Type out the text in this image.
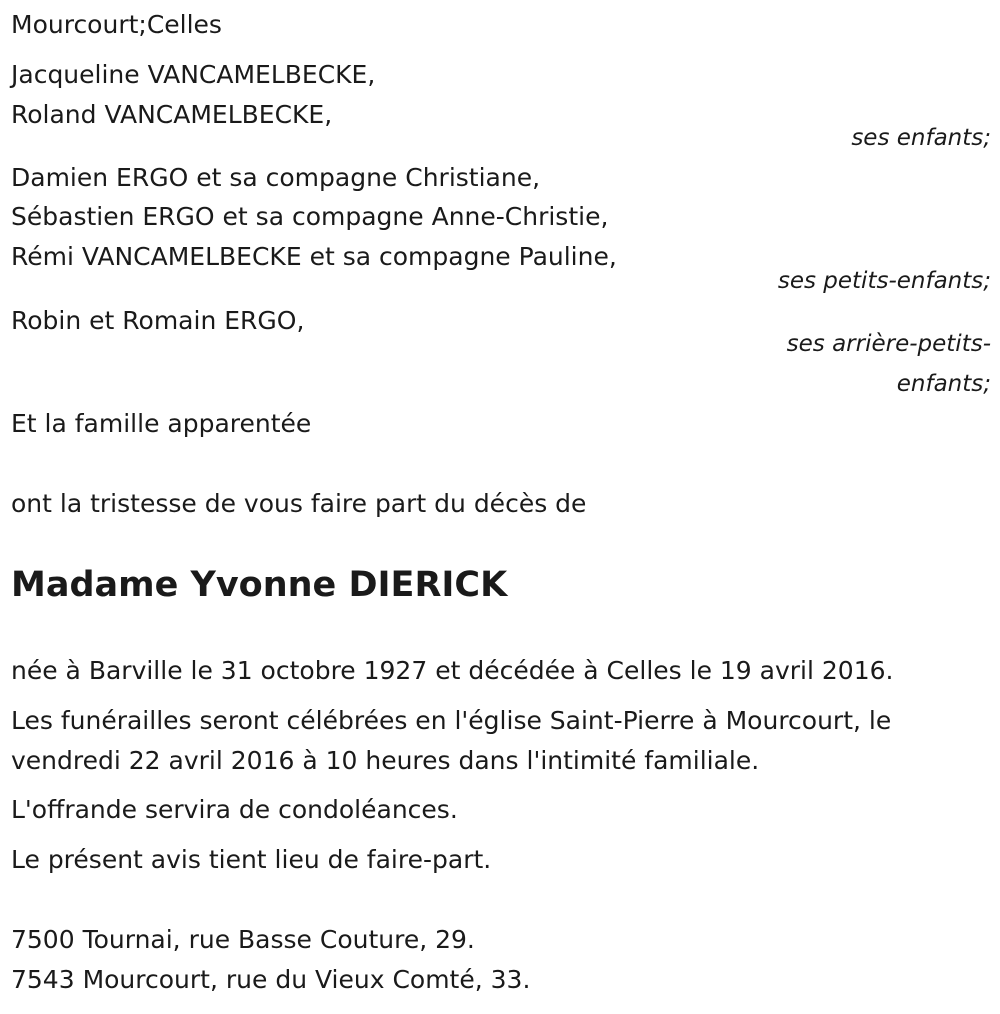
Mourcourt;Celles
Jacqueline VANCAMELBECKE,
Roland VANCAMELBECKE,
ses enfants;
Damien ERGO et sa compagne Christiane,
Sébastien ERGO et sa compagne Anne-Christie,
Rémi VANCAMELBECKE et sa compagne Pauline,
ses petits-enfants;
Robin et Romain ERGO,
ses arrière-petits-
enfants;
Et la famille apparentée
ont la tristesse de vous faire part du décès de
Madame Yvonne DIERICK
née à Barville le 31 octobre 1927 et décédée à Celles le 19 avril 2016.
Les funérailles seront célébrées en l'église Saint-Pierre à Mourcourt, le
vendredi 22 avril 2016 à 10 heures dans l'intimité familiale.
L'offrande servira de condoléances.
Le présent avis tient lieu de faire-part.
7500 Tournai, rue Basse Couture, 29.
7543 Mourcourt, rue du Vieux Comté, 33.
